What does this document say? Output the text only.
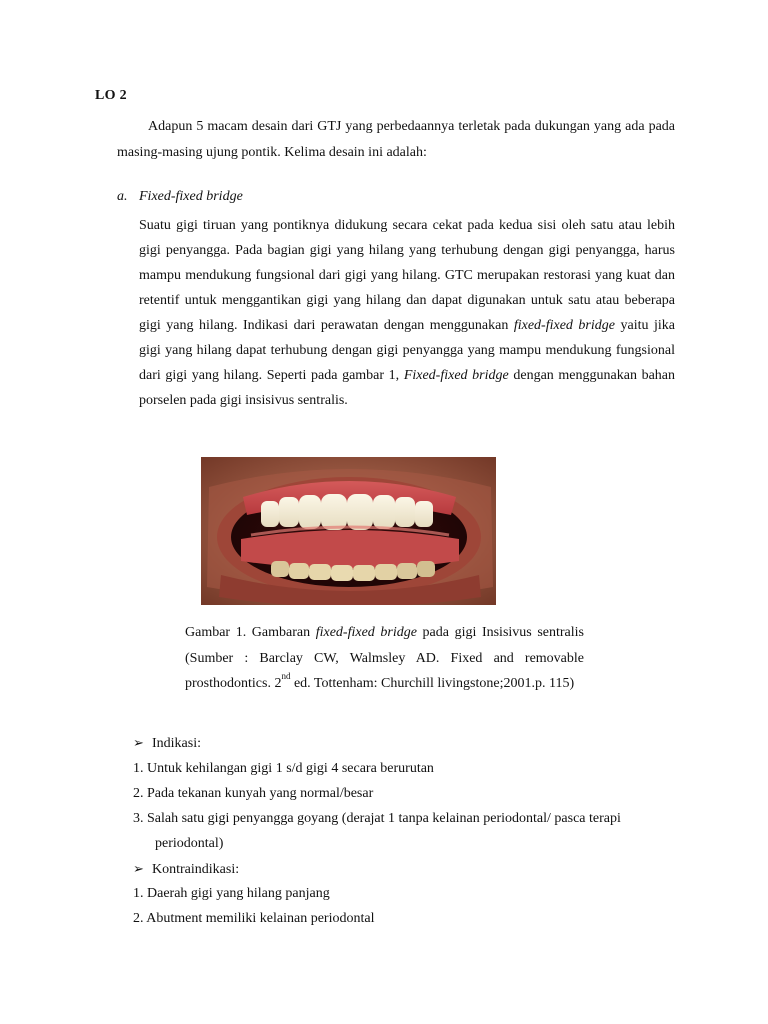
LO 2
Adapun 5 macam desain dari GTJ yang perbedaannya terletak pada dukungan yang ada pada masing-masing ujung pontik. Kelima desain ini adalah:
a. Fixed-fixed bridge
Suatu gigi tiruan yang pontiknya didukung secara cekat pada kedua sisi oleh satu atau lebih gigi penyangga. Pada bagian gigi yang hilang yang terhubung dengan gigi penyangga, harus mampu mendukung fungsional dari gigi yang hilang. GTC merupakan restorasi yang kuat dan retentif untuk menggantikan gigi yang hilang dan dapat digunakan untuk satu atau beberapa gigi yang hilang. Indikasi dari perawatan dengan menggunakan fixed-fixed bridge yaitu jika gigi yang hilang dapat terhubung dengan gigi penyangga yang mampu mendukung fungsional dari gigi yang hilang. Seperti pada gambar 1, Fixed-fixed bridge dengan menggunakan bahan porselen pada gigi insisivus sentralis.
Gambar 1. Gambaran fixed-fixed bridge pada gigi Insisivus sentralis (Sumber : Barclay CW, Walmsley AD. Fixed and removable prosthodontics. 2nd ed. Tottenham: Churchill livingstone;2001.p. 115)
➢ Indikasi:
1. Untuk kehilangan gigi 1 s/d gigi 4 secara berurutan
2. Pada tekanan kunyah yang normal/besar
3. Salah satu gigi penyangga goyang (derajat 1 tanpa kelainan periodontal/ pasca terapi
periodontal)
➢ Kontraindikasi:
1. Daerah gigi yang hilang panjang
2. Abutment memiliki kelainan periodontal
